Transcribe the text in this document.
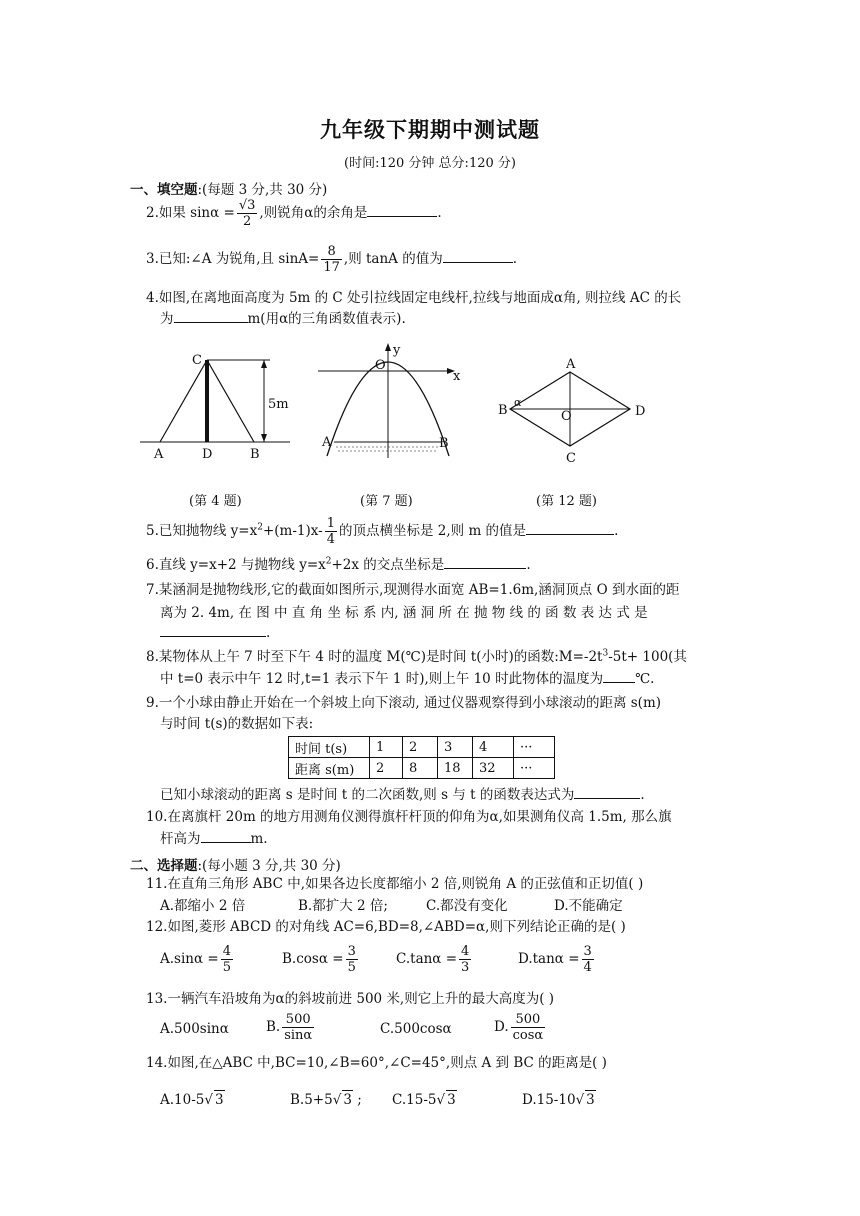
九年级下期期中测试题
(时间:120 分钟 总分:120 分)
一、填空题:(每题 3 分,共 30 分)
2.如果 $\sin\alpha = \frac{√3}{2}$ ,则锐角α的余角是	.
3.已知:∠A 为锐角,且 $\sin A= \frac{8}{17}$ ,则 tanA 的值为	.
4.如图,在离地面高度为 5m 的 C 处引拉线固定电线杆,拉线与地面成α角, 则拉线 AC 的长
为	m(用α的三角函数值表示).
C
A	D	B
5m
O
y
x
A	B
A
B
C
D
O
α
(第 4 题)	(第 7 题)	(第 12 题)
5.已知抛物线 $y=x^2+(m-1)x- \frac{1}{4}$ 的顶点横坐标是 2,则 m 的值是	.
6.直线 y=x+2 与抛物线 $y=x^2+2x$ 的交点坐标是	.
7.某涵洞是抛物线形,它的截面如图所示,现测得水面宽 AB=1.6m,涵洞顶点 O 到水面的距
离为 2. 4m, 在 图 中 直 角 坐 标 系 内, 涵 洞 所 在 抛 物 线 的 函 数 表 达 式 是
.
8.某物体从上午 7 时至下午 4 时的温度 M(℃)是时间 t(小时)的函数$:M=-2t^3-5t+ 100$(其
中 t=0 表示中午 12 时,t=1 表示下午 1 时),则上午 10 时此物体的温度为 ℃.
9.一个小球由静止开始在一个斜坡上向下滚动, 通过仪器观察得到小球滚动的距离 s(m)
与时间 t(s)的数据如下表:
时间 t(s)	1	2	3	4	···
距离 s(m)	2	8	18	32	···
已知小球滚动的距离 s 是时间 t 的二次函数,则 s 与 t 的函数表达式为	.
10.在离旗杆 20m 的地方用测角仪测得旗杆杆顶的仰角为α,如果测角仪高 1.5m, 那么旗
杆高为	m.
二、选择题:(每小题 3 分,共 30 分)
11.在直角三角形 ABC 中,如果各边长度都缩小 2 倍,则锐角 A 的正弦值和正切值( )
A.都缩小 2 倍	B.都扩大 2 倍;	C.都没有变化	D.不能确定
12.如图,菱形 ABCD 的对角线 AC=6,BD=8,∠ABD=α,则下列结论正确的是( )
$A.\sin\alpha = \frac{4}{5}$	$B.\cos\alpha = \frac{3}{5}$	$C.\tan\alpha = \frac{4}{3}$	$D.\tan\alpha = \frac{3}{4}$
13.一辆汽车沿坡角为α的斜坡前进 500 米,则它上升的最大高度为( )
A.500sinα	B. $\frac{500}{\sin\alpha}$	C.500cosα	D. $\frac{500}{\cos\alpha}$
14.如图,在△ABC 中,BC=10,∠B=60°,∠C=45°,则点 A 到 BC 的距离是( )
A.10-5√ 3	B.5+5√ 3 ; C.15-5√ 3	D.15-10√ 3
